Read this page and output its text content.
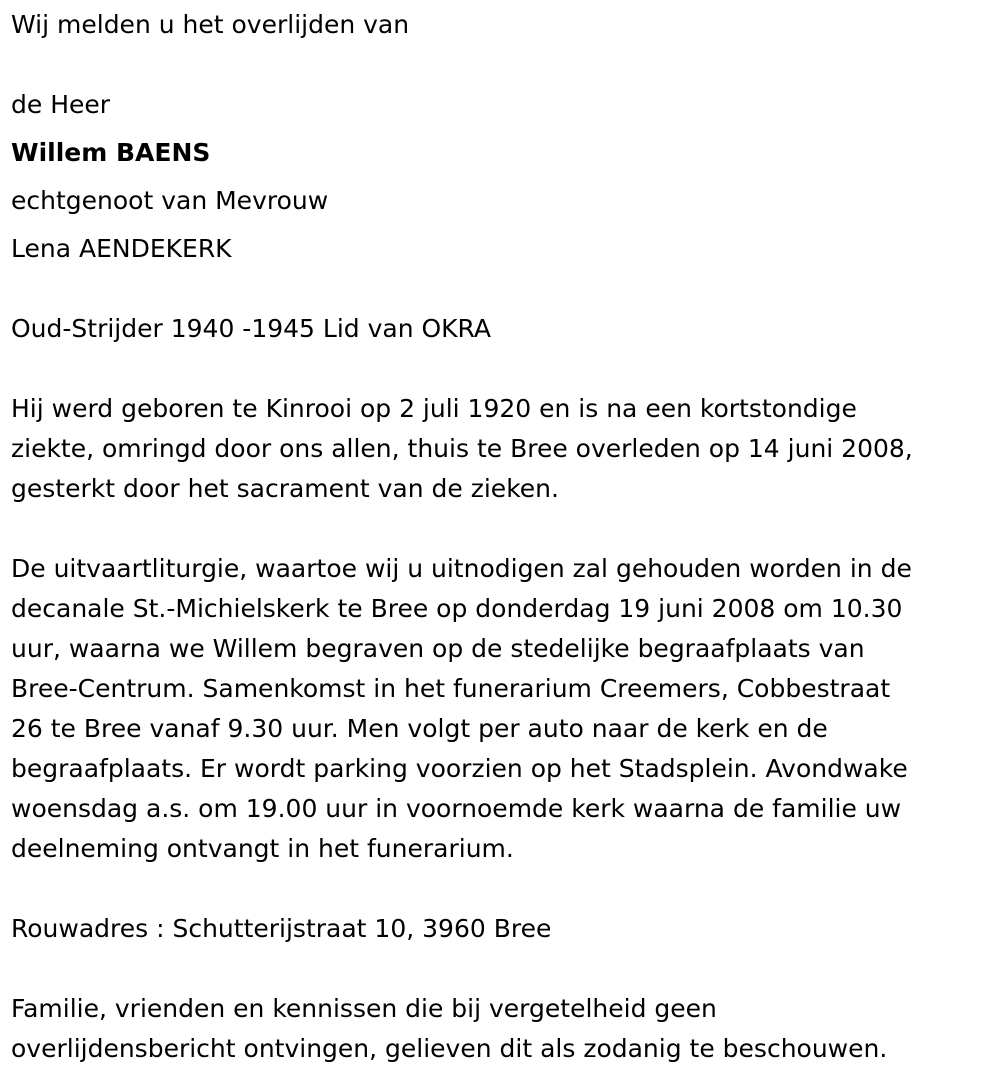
Wij melden u het overlijden van

de Heer

Willem BAENS

echtgenoot van Mevrouw

Lena AENDEKERK

Oud-Strijder 1940 -1945 Lid van OKRA

Hij werd geboren te Kinrooi op 2 juli 1920 en is na een kortstondige

ziekte, omringd door ons allen, thuis te Bree overleden op 14 juni 2008,

gesterkt door het sacrament van de zieken.

De uitvaartliturgie, waartoe wij u uitnodigen zal gehouden worden in de

decanale St.-Michielskerk te Bree op donderdag 19 juni 2008 om 10.30

uur, waarna we Willem begraven op de stedelijke begraafplaats van

Bree-Centrum. Samenkomst in het funerarium Creemers, Cobbestraat

26 te Bree vanaf 9.30 uur. Men volgt per auto naar de kerk en de

begraafplaats. Er wordt parking voorzien op het Stadsplein. Avondwake

woensdag a.s. om 19.00 uur in voornoemde kerk waarna de familie uw

deelneming ontvangt in het funerarium.

Rouwadres : Schutterijstraat 10, 3960 Bree

Familie, vrienden en kennissen die bij vergetelheid geen

overlijdensbericht ontvingen, gelieven dit als zodanig te beschouwen.
